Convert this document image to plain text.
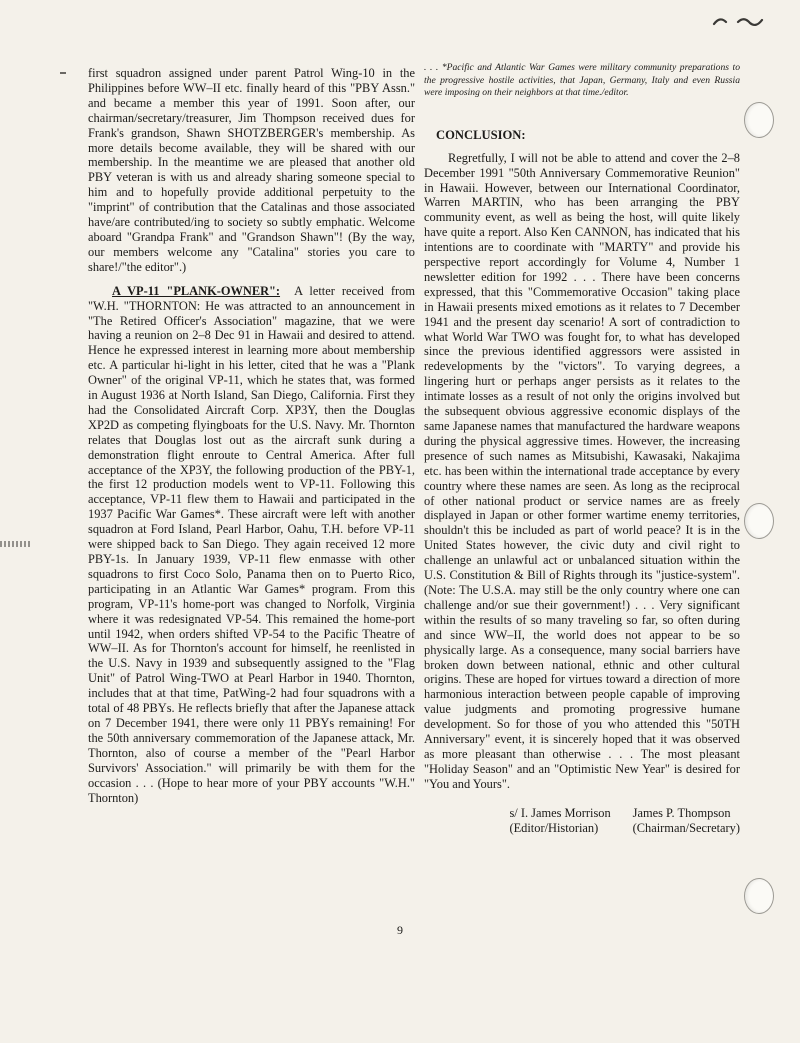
first squadron assigned under parent Patrol Wing-10 in the Philippines before WW–II etc. finally heard of this "PBY Assn." and became a member this year of 1991. Soon after, our chairman/secretary/treasurer, Jim Thompson received dues for Frank's grandson, Shawn SHOTZBERGER's membership. As more details become available, they will be shared with our membership. In the meantime we are pleased that another old PBY veteran is with us and already sharing someone special to him and to hopefully provide additional perpetuity to the "imprint" of contribution that the Catalinas and those associated have/are contributed/ing to society so subtly emphatic. Welcome aboard "Grandpa Frank" and "Grandson Shawn"! (By the way, our members welcome any "Catalina" stories you care to share!/"the editor".)

A VP-11 "PLANK-OWNER": A letter received from "W.H. "THORNTON: He was attracted to an announcement in "The Retired Officer's Association" magazine, that we were having a reunion on 2–8 Dec 91 in Hawaii and desired to attend. Hence he expressed interest in learning more about membership etc. A particular hi-light in his letter, cited that he was a "Plank Owner" of the original VP-11, which he states that, was formed in August 1936 at North Island, San Diego, California. First they had the Consolidated Aircraft Corp. XP3Y, then the Douglas XP2D as competing flyingboats for the U.S. Navy. Mr. Thornton relates that Douglas lost out as the aircraft sunk during a demonstration flight enroute to Central America. After full acceptance of the XP3Y, the following production of the PBY-1, the first 12 production models went to VP-11. Following this acceptance, VP-11 flew them to Hawaii and participated in the 1937 Pacific War Games*. These aircraft were left with another squadron at Ford Island, Pearl Harbor, Oahu, T.H. before VP-11 were shipped back to San Diego. They again received 12 more PBY-1s. In January 1939, VP-11 flew enmasse with other squadrons to first Coco Solo, Panama then on to Puerto Rico, participating in an Atlantic War Games* program. From this program, VP-11's home-port was changed to Norfolk, Virginia where it was redesignated VP-54. This remained the home-port until 1942, when orders shifted VP-54 to the Pacific Theatre of WW–II. As for Thornton's account for himself, he reenlisted in the U.S. Navy in 1939 and subsequently assigned to the "Flag Unit" of Patrol Wing-TWO at Pearl Harbor in 1940. Thornton, includes that at that time, PatWing-2 had four squadrons with a total of 48 PBYs. He reflects briefly that after the Japanese attack on 7 December 1941, there were only 11 PBYs remaining! For the 50th anniversary commemoration of the Japanese attack, Mr. Thornton, also of course a member of the "Pearl Harbor Survivors' Association." will primarily be with them for the occasion . . . (Hope to hear more of your PBY accounts "W.H." Thornton)

. . . *Pacific and Atlantic War Games were military community preparations to the progressive hostile activities, that Japan, Germany, Italy and even Russia were imposing on their neighbors at that time./editor.

CONCLUSION:

Regretfully, I will not be able to attend and cover the 2–8 December 1991 "50th Anniversary Commemorative Reunion" in Hawaii. However, between our International Coordinator, Warren MARTIN, who has been arranging the PBY community event, as well as being the host, will quite likely have quite a report. Also Ken CANNON, has indicated that his intentions are to coordinate with "MARTY" and provide his perspective report accordingly for Volume 4, Number 1 newsletter edition for 1992 . . . There have been concerns expressed, that this "Commemorative Occasion" taking place in Hawaii presents mixed emotions as it relates to 7 December 1941 and the present day scenario! A sort of contradiction to what World War TWO was fought for, to what has developed since the previous identified aggressors were assisted in redevelopments by the "victors". To varying degrees, a lingering hurt or perhaps anger persists as it relates to the intimate losses as a result of not only the origins involved but the subsequent obvious aggressive economic displays of the same Japanese names that manufactured the hardware weapons during the physical aggressive times. However, the increasing presence of such names as Mitsubishi, Kawasaki, Nakajima etc. has been within the international trade acceptance by every country where these names are seen. As long as the reciprocal of other national product or service names are as freely displayed in Japan or other former wartime enemy territories, shouldn't this be included as part of world peace? It is in the United States however, the civic duty and civil right to challenge an unlawful act or unbalanced situation within the U.S. Constitution & Bill of Rights through its "justice-system". (Note: The U.S.A. may still be the only country where one can challenge and/or sue their government!) . . . Very significant within the results of so many traveling so far, so often during and since WW–II, the world does not appear to be so physically large. As a consequence, many social barriers have broken down between national, ethnic and other cultural origins. These are hoped for virtues toward a direction of more harmonious interaction between people capable of improving value judgments and promoting progressive humane development. So for those of you who attended this "50TH Anniversary" event, it is sincerely hoped that it was observed as more pleasant than otherwise . . . The most pleasant "Holiday Season" and an "Optimistic New Year" is desired for "You and Yours".

s/ I. James Morrison
(Editor/Historian)
James P. Thompson
(Chairman/Secretary)
9
